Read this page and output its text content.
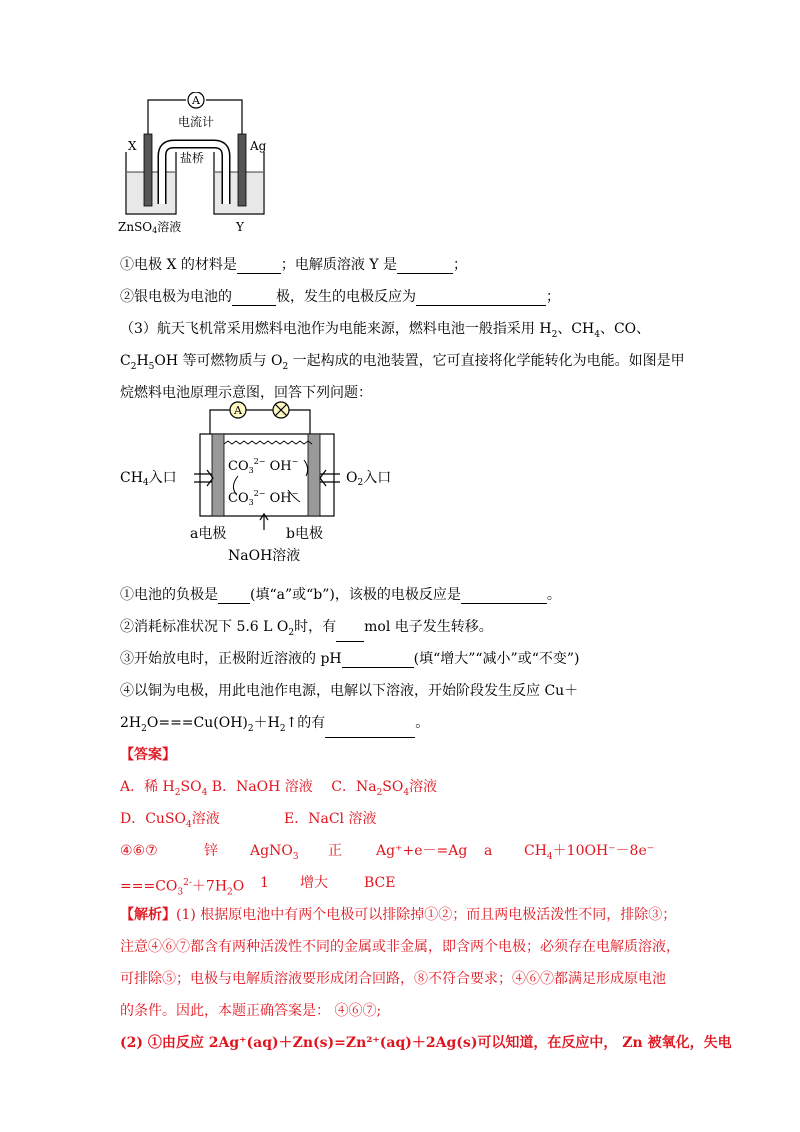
A
电流计
X	Ag
盐桥
ZnSO4溶液	Y
①电极 X 的材料是	；电解质溶液 Y 是	；
②银电极为电池的	极，发生的电极反应为	；
（3）航天飞机常采用燃料电池作为电能来源，燃料电池一般指采用 $H_2$、$CH_4$、CO、
$C_2H_5OH$ 等可燃物质与 $O_2$ 一起构成的电池装置，它可直接将化学能转化为电能。如图是甲
烷燃料电池原理示意图，回答下列问题：
A
$CH_4$入口	$O_2$入口
$CO_3^{2-}$ OH−
$CO_3^{2-}$ OH−
a电极	b电极
NaOH溶液
①电池的负极是 (填“a”或“b”)，该极的电极反应是	。
②消耗标准状况下 5.6 L $O_2$时，有 mol 电子发生转移。
③开始放电时，正极附近溶液的 pH	(填“增大”“减小”或“不变”)
④以铜为电极，用此电池作电源，电解以下溶液，开始阶段发生反应 Cu＋
$2H_2O===Cu(OH)_2+H_2↑$的有	。
【答案】
A．稀 $H_2SO_4$ B．NaOH 溶液　 C．$Na_2SO_4$溶液
D．CuSO$_4$溶液	E．NaCl 溶液
④⑥⑦	锌 AgNO$_3$ 正 Ag⁺+e－=Ag a $CH_4+10OH^--8e^-$
$===CO_3^{2-}+7H_2O$ 1 增大	BCE
【解析】(1) 根据原电池中有两个电极可以排除掉①②；而且两电极活泼性不同，排除③；
注意④⑥⑦都含有两种活泼性不同的金属或非金属，即含两个电极；必须存在电解质溶液，
可排除⑤；电极与电解质溶液要形成闭合回路，⑧不符合要求；④⑥⑦都满足形成原电池
的条件。因此，本题正确答案是： ④⑥⑦;
(2) ①由反应 2Ag⁺(aq)＋Zn(s)=Zn²⁺(aq)＋2Ag(s)可以知道，在反应中， Zn 被氧化，失电
